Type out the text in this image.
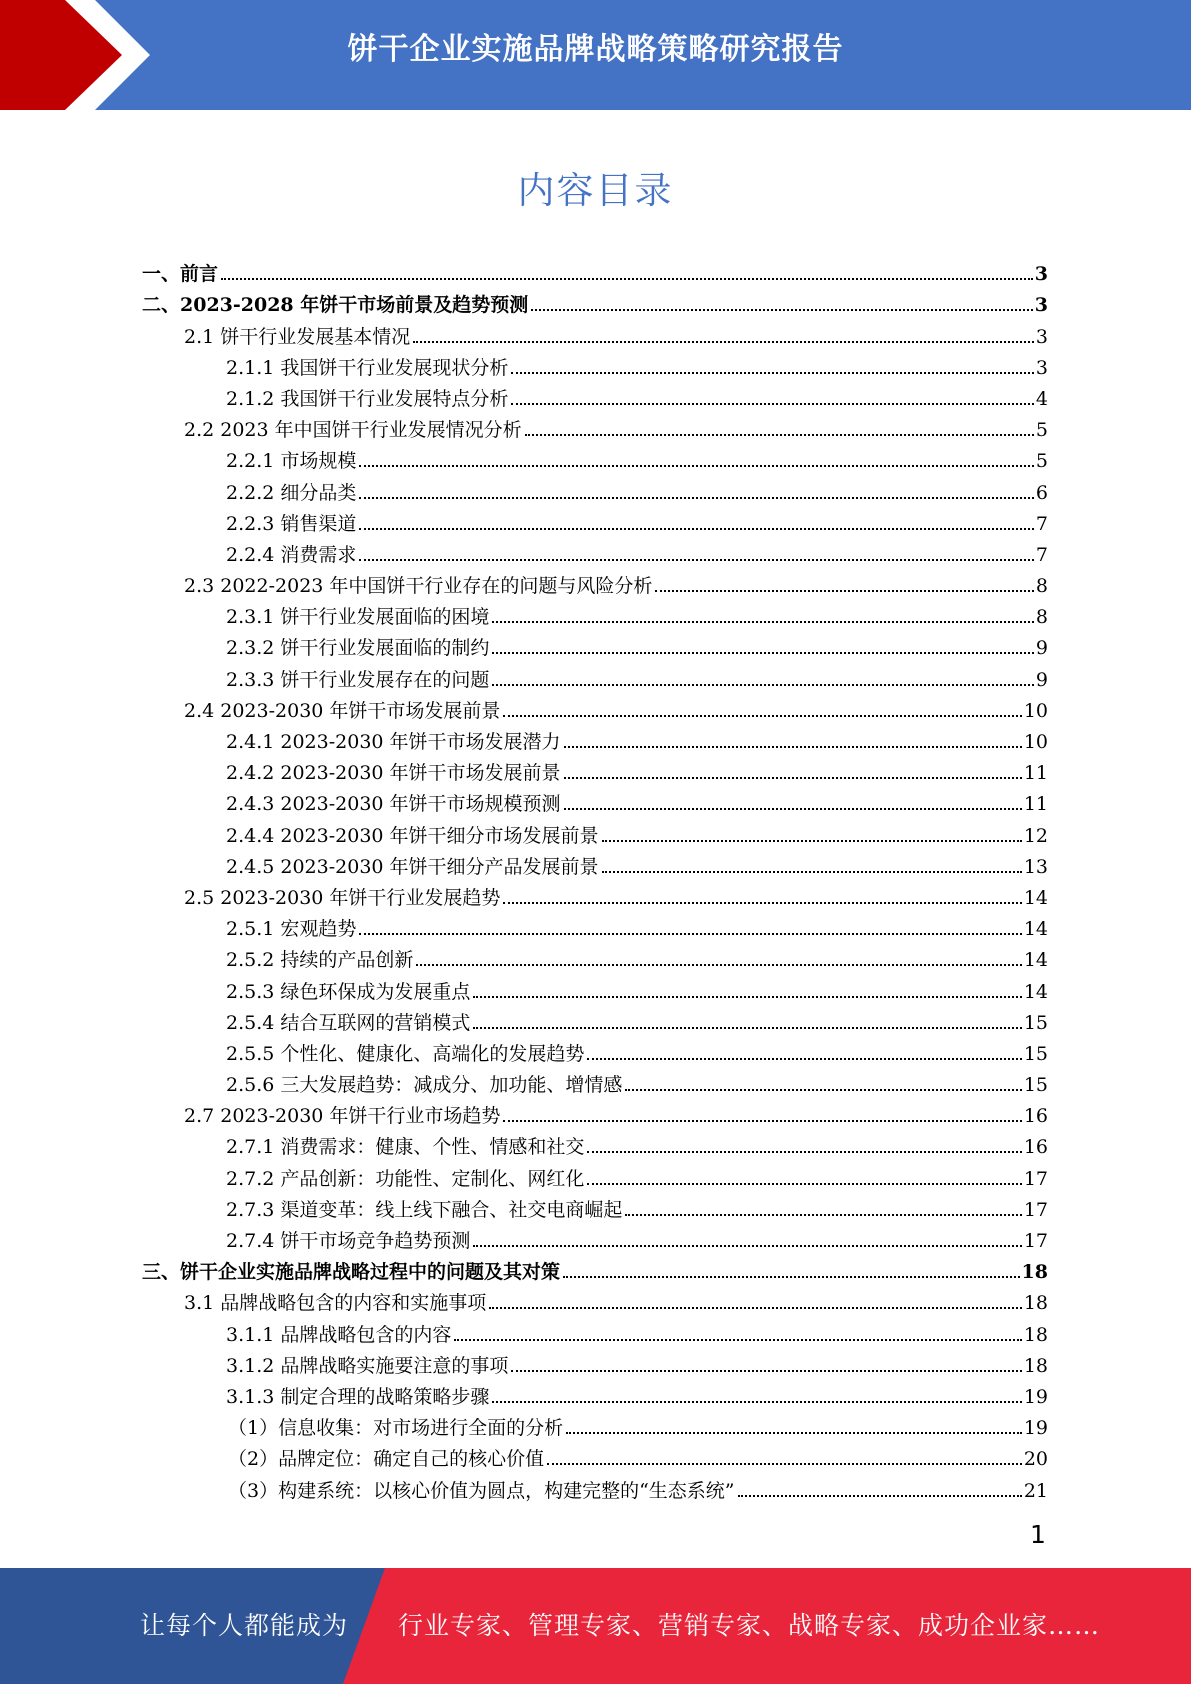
饼干企业实施品牌战略策略研究报告
内容目录
一、前言	3
二、2023-2028 年饼干市场前景及趋势预测	3
2.1 饼干行业发展基本情况	3
2.1.1 我国饼干行业发展现状分析	3
2.1.2 我国饼干行业发展特点分析	4
2.2 2023 年中国饼干行业发展情况分析	5
2.2.1 市场规模	5
2.2.2 细分品类	6
2.2.3 销售渠道	7
2.2.4 消费需求	7
2.3 2022-2023 年中国饼干行业存在的问题与风险分析	8
2.3.1 饼干行业发展面临的困境	8
2.3.2 饼干行业发展面临的制约	9
2.3.3 饼干行业发展存在的问题	9
2.4 2023-2030 年饼干市场发展前景	10
2.4.1 2023-2030 年饼干市场发展潜力	10
2.4.2 2023-2030 年饼干市场发展前景	11
2.4.3 2023-2030 年饼干市场规模预测	11
2.4.4 2023-2030 年饼干细分市场发展前景	12
2.4.5 2023-2030 年饼干细分产品发展前景	13
2.5 2023-2030 年饼干行业发展趋势	14
2.5.1 宏观趋势	14
2.5.2 持续的产品创新	14
2.5.3 绿色环保成为发展重点	14
2.5.4 结合互联网的营销模式	15
2.5.5 个性化、健康化、高端化的发展趋势	15
2.5.6 三大发展趋势：减成分、加功能、增情感	15
2.7 2023-2030 年饼干行业市场趋势	16
2.7.1 消费需求：健康、个性、情感和社交	16
2.7.2 产品创新：功能性、定制化、网红化	17
2.7.3 渠道变革：线上线下融合、社交电商崛起	17
2.7.4 饼干市场竞争趋势预测	17
三、饼干企业实施品牌战略过程中的问题及其对策	18
3.1 品牌战略包含的内容和实施事项	18
3.1.1 品牌战略包含的内容	18
3.1.2 品牌战略实施要注意的事项	18
3.1.3 制定合理的战略策略步骤	19
（1）信息收集：对市场进行全面的分析	19
（2）品牌定位：确定自己的核心价值	20
（3）构建系统：以核心价值为圆点，构建完整的“生态系统”	21
1
让每个人都能成为 行业专家、管理专家、营销专家、战略专家、成功企业家……
